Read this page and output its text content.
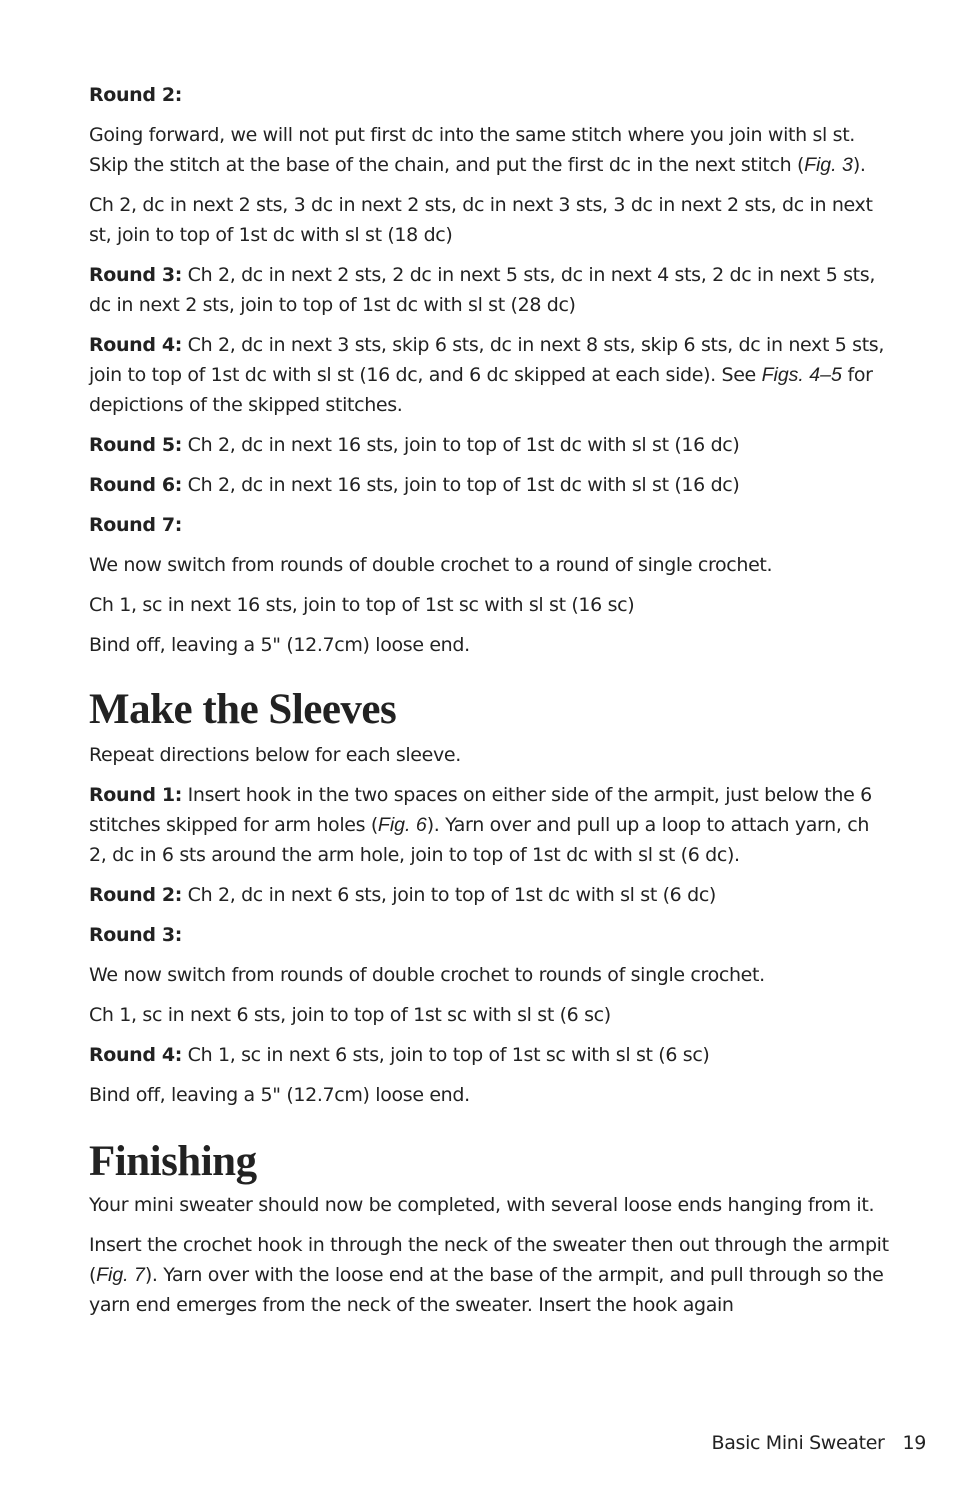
Round 2:

Going forward, we will not put first dc into the same stitch where you join with sl st. Skip the stitch at the base of the chain, and put the first dc in the next stitch (Fig. 3).

Ch 2, dc in next 2 sts, 3 dc in next 2 sts, dc in next 3 sts, 3 dc in next 2 sts, dc in next st, join to top of 1st dc with sl st (18 dc)

Round 3: Ch 2, dc in next 2 sts, 2 dc in next 5 sts, dc in next 4 sts, 2 dc in next 5 sts, dc in next 2 sts, join to top of 1st dc with sl st (28 dc)

Round 4: Ch 2, dc in next 3 sts, skip 6 sts, dc in next 8 sts, skip 6 sts, dc in next 5 sts, join to top of 1st dc with sl st (16 dc, and 6 dc skipped at each side). See Figs. 4–5 for depictions of the skipped stitches.

Round 5: Ch 2, dc in next 16 sts, join to top of 1st dc with sl st (16 dc)

Round 6: Ch 2, dc in next 16 sts, join to top of 1st dc with sl st (16 dc)

Round 7:

We now switch from rounds of double crochet to a round of single crochet.

Ch 1, sc in next 16 sts, join to top of 1st sc with sl st (16 sc)

Bind off, leaving a 5" (12.7cm) loose end.

Make the Sleeves

Repeat directions below for each sleeve.

Round 1: Insert hook in the two spaces on either side of the armpit, just below the 6 stitches skipped for arm holes (Fig. 6). Yarn over and pull up a loop to attach yarn, ch 2, dc in 6 sts around the arm hole, join to top of 1st dc with sl st (6 dc).

Round 2: Ch 2, dc in next 6 sts, join to top of 1st dc with sl st (6 dc)

Round 3:

We now switch from rounds of double crochet to rounds of single crochet.

Ch 1, sc in next 6 sts, join to top of 1st sc with sl st (6 sc)

Round 4: Ch 1, sc in next 6 sts, join to top of 1st sc with sl st (6 sc)

Bind off, leaving a 5" (12.7cm) loose end.

Finishing

Your mini sweater should now be completed, with several loose ends hanging from it.

Insert the crochet hook in through the neck of the sweater then out through the armpit (Fig. 7). Yarn over with the loose end at the base of the armpit, and pull through so the yarn end emerges from the neck of the sweater. Insert the hook again

Basic Mini Sweater 19
